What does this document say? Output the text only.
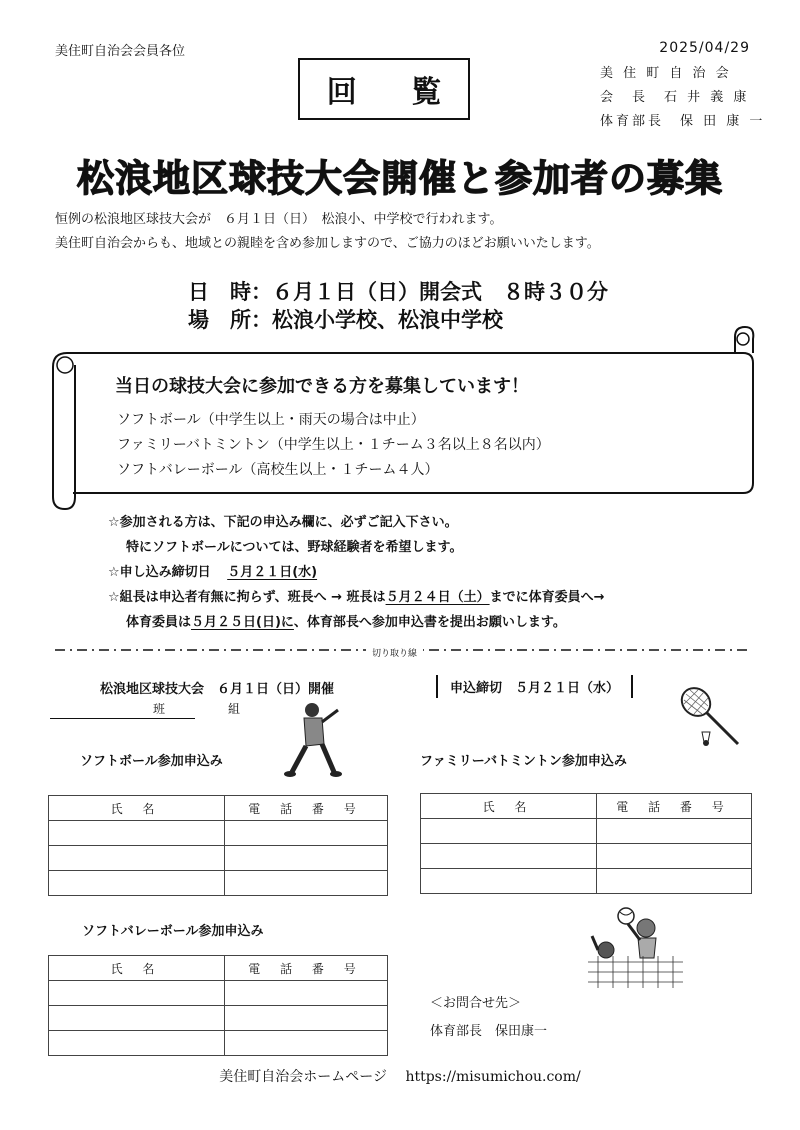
美住町自治会会員各位	2025/04/29
回 覧
美 住 町 自 治 会
会　長　石 井 義 康
体育部長　保 田 康 一
松浪地区球技大会開催と参加者の募集
恒例の松浪地区球技大会が　６月１日（日）　松浪小、中学校で行われます。
美住町自治会からも、地域との親睦を含め参加しますので、ご協力のほどお願いいたします。
日　時：６月１日（日）開会式　８時３０分
場　所：松浪小学校、松浪中学校
当日の球技大会に参加できる方を募集しています！
ソフトボール（中学生以上・雨天の場合は中止）
ファミリーバトミントン（中学生以上・１チーム３名以上８名以内）
ソフトバレーボール（高校生以上・１チーム４人）
☆参加される方は、下記の申込み欄に、必ずご記入下さい。
特にソフトボールについては、野球経験者を希望します。
☆申し込み締切日 ５月２１日(水)
☆組長は申込者有無に拘らず、班長へ → 班長は５月２４日（土）までに体育委員へ→
体育委員は５月２５日(日)に、体育部長へ参加申込書を提出お願いします。
切り取り線
松浪地区球技大会　６月１日（日）開催	申込締切　５月２１日（水）
班	組
ソフトボール参加申込み	ファミリーバトミントン参加申込み
氏 名	電 話 番 号

		氏 名	電 話 番 号

ソフトバレーボール参加申込み
氏 名	電 話 番 号

＜お問合せ先＞
体育部長　保田康一
美住町自治会ホームページ https://misumichou.com/
